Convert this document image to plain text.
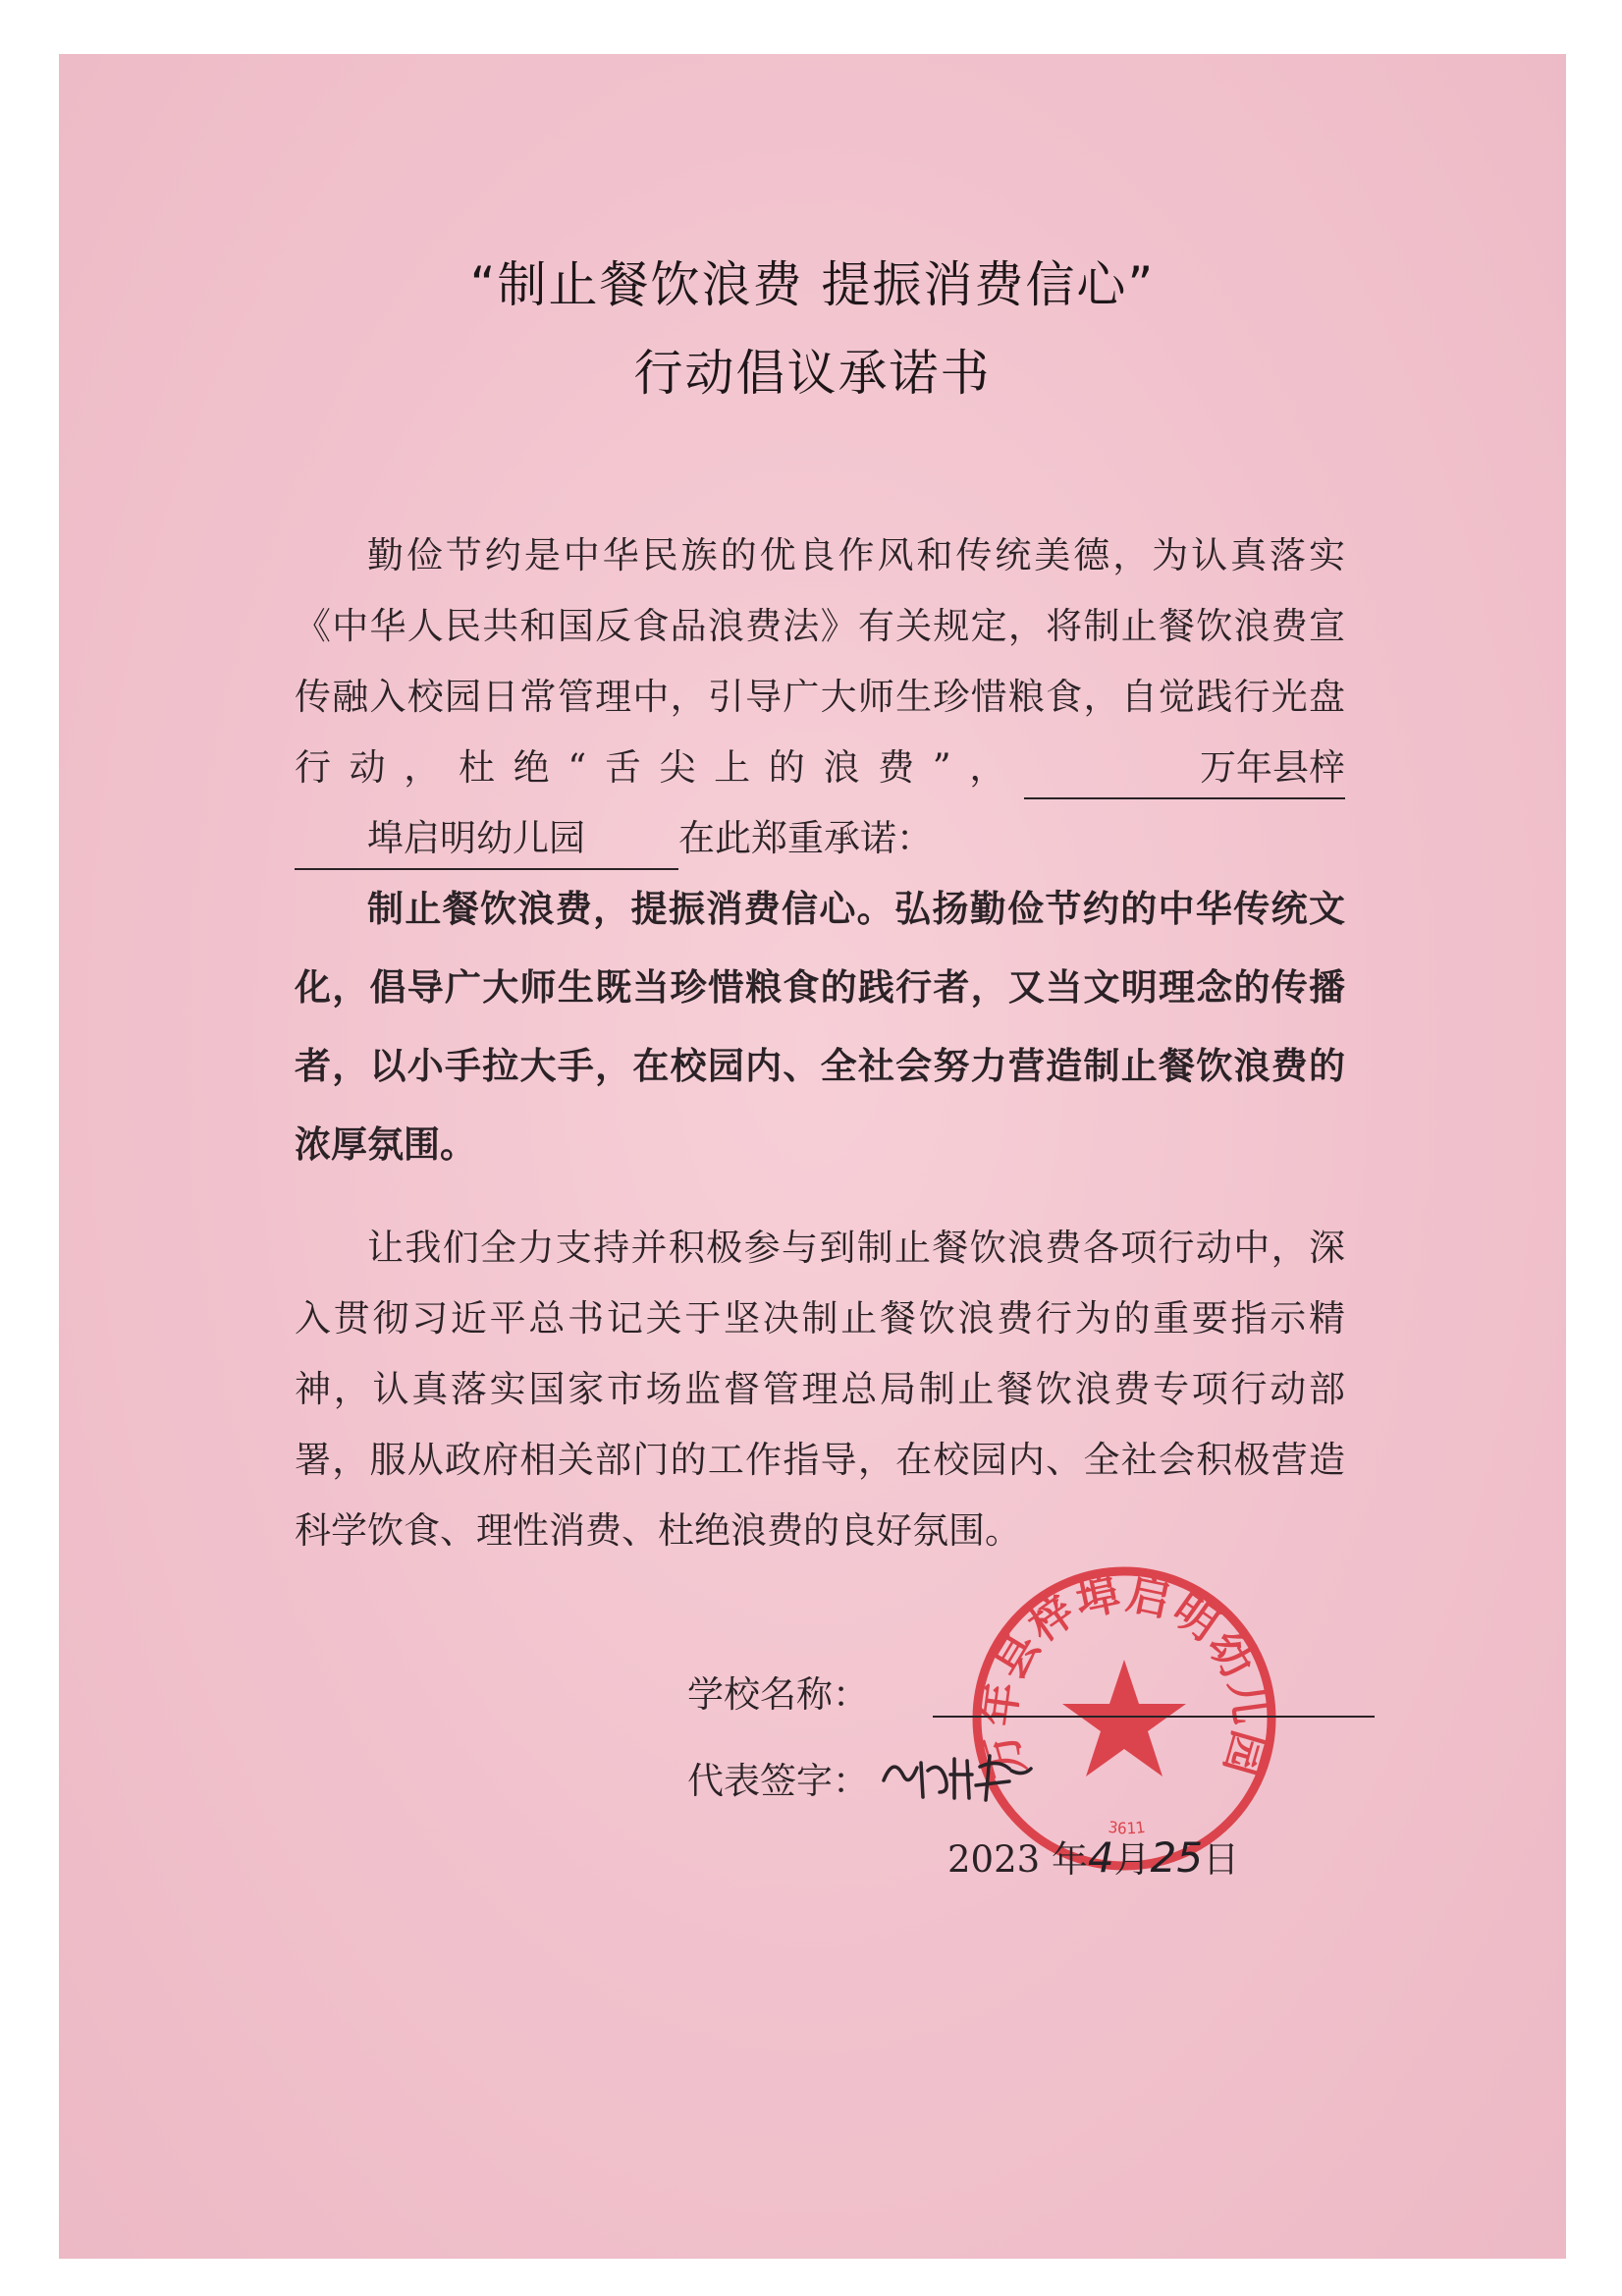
“制止餐饮浪费 提振消费信心”
行动倡议承诺书
勤俭节约是中华民族的优良作风和传统美德，为认真落实《中华人民共和国反食品浪费法》有关规定，将制止餐饮浪费宣传融入校园日常管理中，引导广大师生珍惜粮食，自觉践行光盘行动，杜绝“舌尖上的浪费”，	万年县梓埠启明幼儿园	在此郑重承诺：
制止餐饮浪费，提振消费信心。弘扬勤俭节约的中华传统文化，倡导广大师生既当珍惜粮食的践行者，又当文明理念的传播者，以小手拉大手，在校园内、全社会努力营造制止餐饮浪费的浓厚氛围。
让我们全力支持并积极参与到制止餐饮浪费各项行动中，深入贯彻习近平总书记关于坚决制止餐饮浪费行为的重要指示精神，认真落实国家市场监督管理总局制止餐饮浪费专项行动部署，服从政府相关部门的工作指导，在校园内、全社会积极营造科学饮食、理性消费、杜绝浪费的良好氛围。
万年县梓埠启明幼儿园
3611
学校名称：
代表签字：
孙世平
2023 年4月25日
